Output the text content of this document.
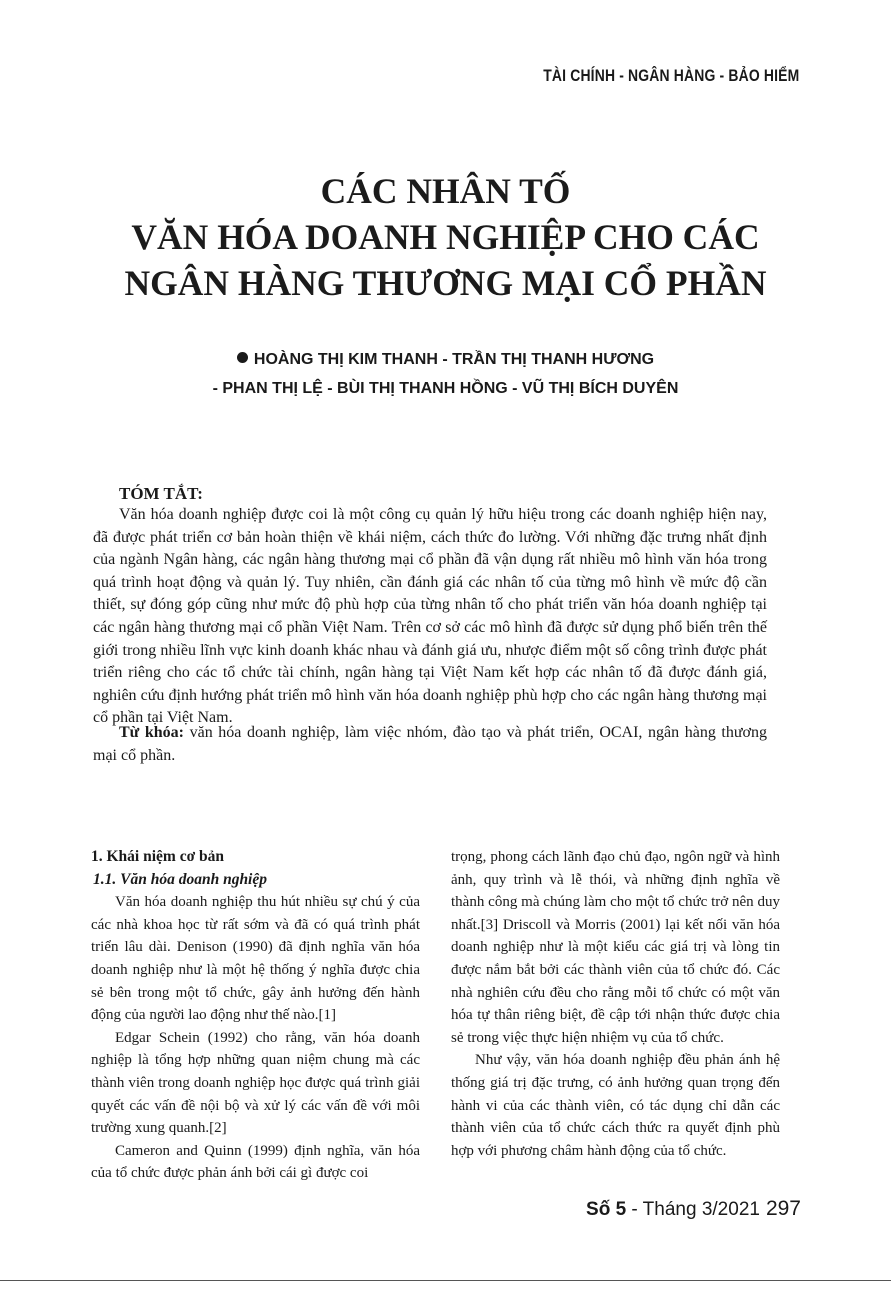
TÀI CHÍNH - NGÂN HÀNG - BẢO HIỂM
CÁC NHÂN TỐ
VĂN HÓA DOANH NGHIỆP CHO CÁC
NGÂN HÀNG THƯƠNG MẠI CỔ PHẦN
HOÀNG THỊ KIM THANH - TRẦN THỊ THANH HƯƠNG
- PHAN THỊ LỆ - BÙI THỊ THANH HỒNG - VŨ THỊ BÍCH DUYÊN
TÓM TẮT:

Văn hóa doanh nghiệp được coi là một công cụ quản lý hữu hiệu trong các doanh nghiệp hiện nay, đã được phát triển cơ bản hoàn thiện về khái niệm, cách thức đo lường. Với những đặc trưng nhất định của ngành Ngân hàng, các ngân hàng thương mại cổ phần đã vận dụng rất nhiều mô hình văn hóa trong quá trình hoạt động và quản lý. Tuy nhiên, cần đánh giá các nhân tố của từng mô hình về mức độ cần thiết, sự đóng góp cũng như mức độ phù hợp của từng nhân tố cho phát triển văn hóa doanh nghiệp tại các ngân hàng thương mại cổ phần Việt Nam. Trên cơ sở các mô hình đã được sử dụng phổ biến trên thế giới trong nhiều lĩnh vực kinh doanh khác nhau và đánh giá ưu, nhược điểm một số công trình được phát triển riêng cho các tổ chức tài chính, ngân hàng tại Việt Nam kết hợp các nhân tố đã được đánh giá, nghiên cứu định hướng phát triển mô hình văn hóa doanh nghiệp phù hợp cho các ngân hàng thương mại cổ phần tại Việt Nam.

Từ khóa: văn hóa doanh nghiệp, làm việc nhóm, đào tạo và phát triển, OCAI, ngân hàng thương mại cổ phần.

1. Khái niệm cơ bản
1.1. Văn hóa doanh nghiệp

Văn hóa doanh nghiệp thu hút nhiều sự chú ý của các nhà khoa học từ rất sớm và đã có quá trình phát triển lâu dài. Denison (1990) đã định nghĩa văn hóa doanh nghiệp như là một hệ thống ý nghĩa được chia sẻ bên trong một tổ chức, gây ảnh hưởng đến hành động của người lao động như thế nào.[1]

Edgar Schein (1992) cho rằng, văn hóa doanh nghiệp là tổng hợp những quan niệm chung mà các thành viên trong doanh nghiệp học được quá trình giải quyết các vấn đề nội bộ và xử lý các vấn đề với môi trường xung quanh.[2]

Cameron and Quinn (1999) định nghĩa, văn hóa của tổ chức được phản ánh bởi cái gì được coi

trọng, phong cách lãnh đạo chủ đạo, ngôn ngữ và hình ảnh, quy trình và lễ thói, và những định nghĩa về thành công mà chúng làm cho một tổ chức trở nên duy nhất.[3] Driscoll và Morris (2001) lại kết nối văn hóa doanh nghiệp như là một kiểu các giá trị và lòng tin được nắm bắt bởi các thành viên của tổ chức đó. Các nhà nghiên cứu đều cho rằng mỗi tổ chức có một văn hóa tự thân riêng biệt, đề cập tới nhận thức được chia sẻ trong việc thực hiện nhiệm vụ của tổ chức.

Như vậy, văn hóa doanh nghiệp đều phản ánh hệ thống giá trị đặc trưng, có ảnh hưởng quan trọng đến hành vi của các thành viên, có tác dụng chỉ dẫn các thành viên của tổ chức cách thức ra quyết định phù hợp với phương châm hành động của tổ chức.

Số 5 - Tháng 3/2021 297
